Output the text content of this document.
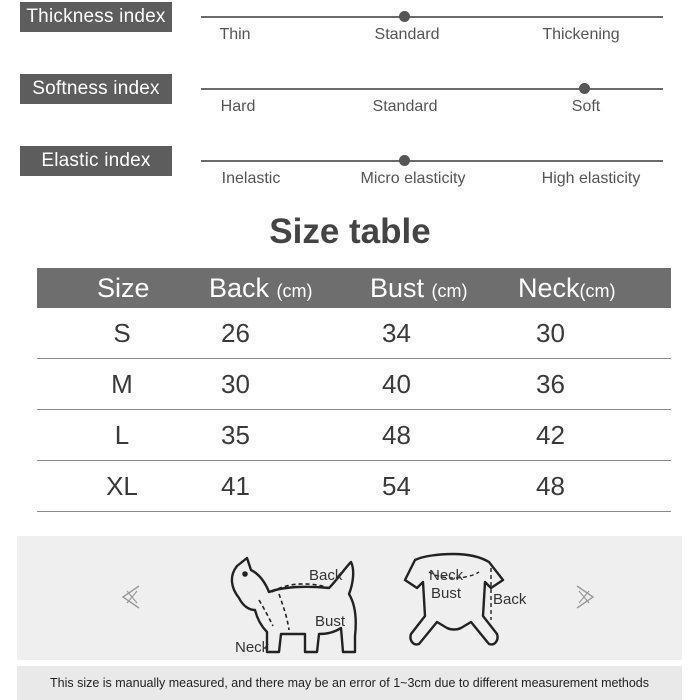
Thickness index
Thin	Standard	Thickening
Softness index
Hard	Standard	Soft
Elastic index
Inelastic	Micro elasticity	High elasticity
Size table
Size Back (cm) Bust (cm) Neck(cm)
S	26	34	30
M	30	40	36
L	35	48	42
XL	41	54	48
Back
Neck
Bust
Neck
Bust Back
This size is manually measured, and there may be an error of 1~3cm due to different measurement methods
